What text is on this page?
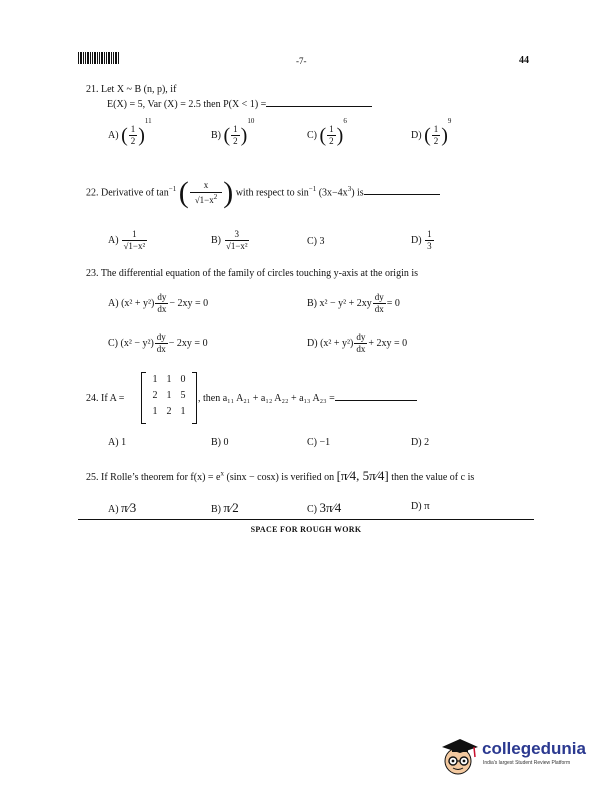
-7-	44
21. Let X ~ B (n, p), if
E(X) = 5, Var (X) = 2.5 then P(X < 1) =
A) ( $\frac{1}{2} )^{11}$
B) ( $\frac{1}{2} )^{10}$
C) ( $\frac{1}{2} )^6$
D) ( $\frac{1}{2} )^9$
22. Derivative of $\tan^{-1}$ ( $\frac{x}{√1-x^2}$ ) with respect to $\sin^{-1} (3x-4x^3)$ is
$A) \frac{1}{\text{√1−x²}}$	$B) \frac{3}{\text{√1−x²}}$	C) 3	$D) \frac{1}{3}$
23. The differential equation of the family of circles touching y-axis at the origin is
A) $(x^2 + y^2) \frac{dy}{dx} - 2xy = 0$	B) $x^2 - y^2 + 2xy \frac{dy}{dx} = 0$
C) $(x^2 - y^2) \frac{dy}{dx} - 2xy = 0$	D) $(x^2 + y^2) \frac{dy}{dx} + 2xy = 0$
24. If A =
1 1 0
2 1 5
1 2 1
, then a₁₁ A₂₁ + a₁₂ A₂₂ + a₁₃ A₂₃ =
A) 1	B) 0	C) −1	D) 2
25. If Rolle’s theorem for $f(x) = e^x$ (sinx − cosx) is verified on [π⁄4, 5π⁄4] then the value of c is
A) π⁄3	B) π⁄2	C) 3π⁄4	D) π
SPACE FOR ROUGH WORK
collegedunia
India's largest Student Review Platform
